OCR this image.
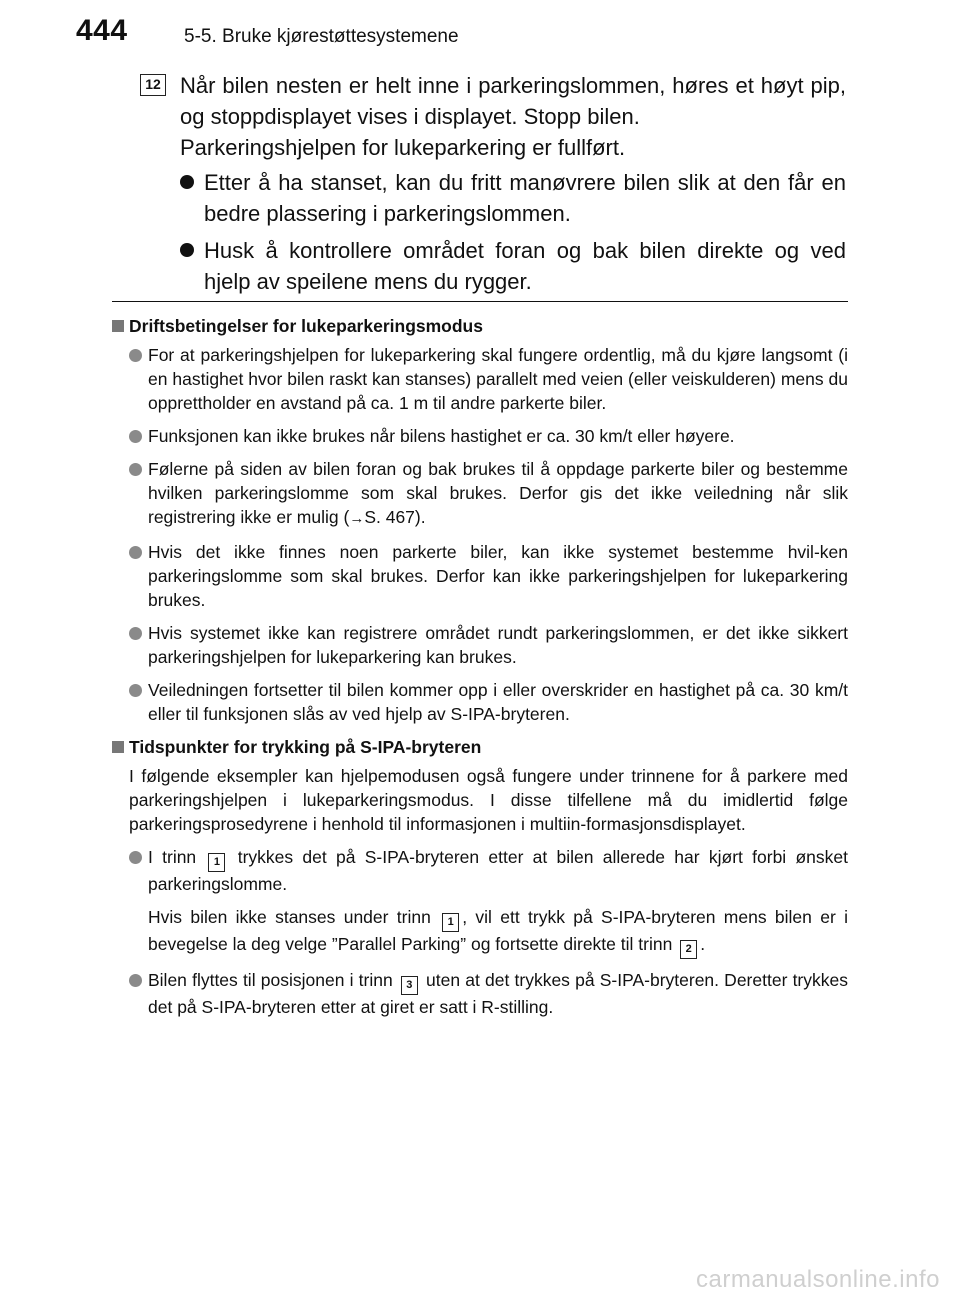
444	5-5. Bruke kjørestøttesystemene
12 Når bilen nesten er helt inne i parkeringslommen, høres et høyt pip, og stoppdisplayet vises i displayet. Stopp bilen.

Parkeringshjelpen for lukeparkering er fullført.

Etter å ha stanset, kan du fritt manøvrere bilen slik at den får en bedre plassering i parkeringslommen.
Husk å kontrollere området foran og bak bilen direkte og ved hjelp av speilene mens du rygger.
Driftsbetingelser for lukeparkeringsmodus
For at parkeringshjelpen for lukeparkering skal fungere ordentlig, må du kjøre langsomt (i en hastighet hvor bilen raskt kan stanses) parallelt med veien (eller veiskulderen) mens du opprettholder en avstand på ca. 1 m til andre parkerte biler.
Funksjonen kan ikke brukes når bilens hastighet er ca. 30 km/t eller høyere.
Følerne på siden av bilen foran og bak brukes til å oppdage parkerte biler og bestemme hvilken parkeringslomme som skal brukes. Derfor gis det ikke veiledning når slik registrering ikke er mulig (→S. 467).
Hvis det ikke finnes noen parkerte biler, kan ikke systemet bestemme hvil-ken parkeringslomme som skal brukes. Derfor kan ikke parkeringshjelpen for lukeparkering brukes.
Hvis systemet ikke kan registrere området rundt parkeringslommen, er det ikke sikkert parkeringshjelpen for lukeparkering kan brukes.
Veiledningen fortsetter til bilen kommer opp i eller overskrider en hastighet på ca. 30 km/t eller til funksjonen slås av ved hjelp av S-IPA-bryteren.
Tidspunkter for trykking på S-IPA-bryteren
I følgende eksempler kan hjelpemodusen også fungere under trinnene for å parkere med parkeringshjelpen i lukeparkeringsmodus. I disse tilfellene må du imidlertid følge parkeringsprosedyrene i henhold til informasjonen i multiin-formasjonsdisplayet.
I trinn 1 trykkes det på S-IPA-bryteren etter at bilen allerede har kjørt forbi ønsket parkeringslomme.
Hvis bilen ikke stanses under trinn 1 , vil ett trykk på S-IPA-bryteren mens bilen er i bevegelse la deg velge ”Parallel Parking” og fortsette direkte til trinn 2 .
Bilen flyttes til posisjonen i trinn 3 uten at det trykkes på S-IPA-bryteren. Deretter trykkes det på S-IPA-bryteren etter at giret er satt i R-stilling.
carmanualsonline.info
